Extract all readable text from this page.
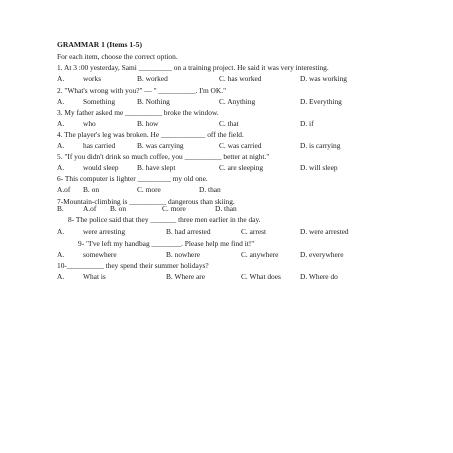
GRAMMAR 1 (Items 1-5)
For each item, choose the correct option.
1. At 3 :00 yesterday, Sami _________ on a training project. He said it was very interesting.
A.	works	B. worked	C. has worked	D. was working
2. "What's wrong with you?" — " __________. I'm OK."
A.	Something	B. Nothing	C. Anything	D. Everything
3. My father asked me __________ broke the window.
A.	who	B. how	C. that	D. if
4. The player's leg was broken. He ____________ off the field.
A.	has carried	B. was carrying	C. was carried	D. is carrying
5. "If you didn't drink so much coffee, you __________ better at night."
A.	would sleep B. have slept	C. are sleeping	D. will sleep
6- This computer is lighter _________ my old one.
A.of B. on	C. more	D. than
7-Mountain-climbing is __________ dangerous than skiing.
B.	A.of B. on	C. more	D. than
8- The police said that they _______ three men earlier in the day.
A.	were arresting	B. had arrested	C. arrest	D. were arrested
9- "I've left my handbag ________. Please help me find it!"
A.	somewhere	B. nowhere	C. anywhere	D. everywhere
10-__________ they spend their summer holidays?
A.	What is	B. Where are	C. What does	D. Where do
